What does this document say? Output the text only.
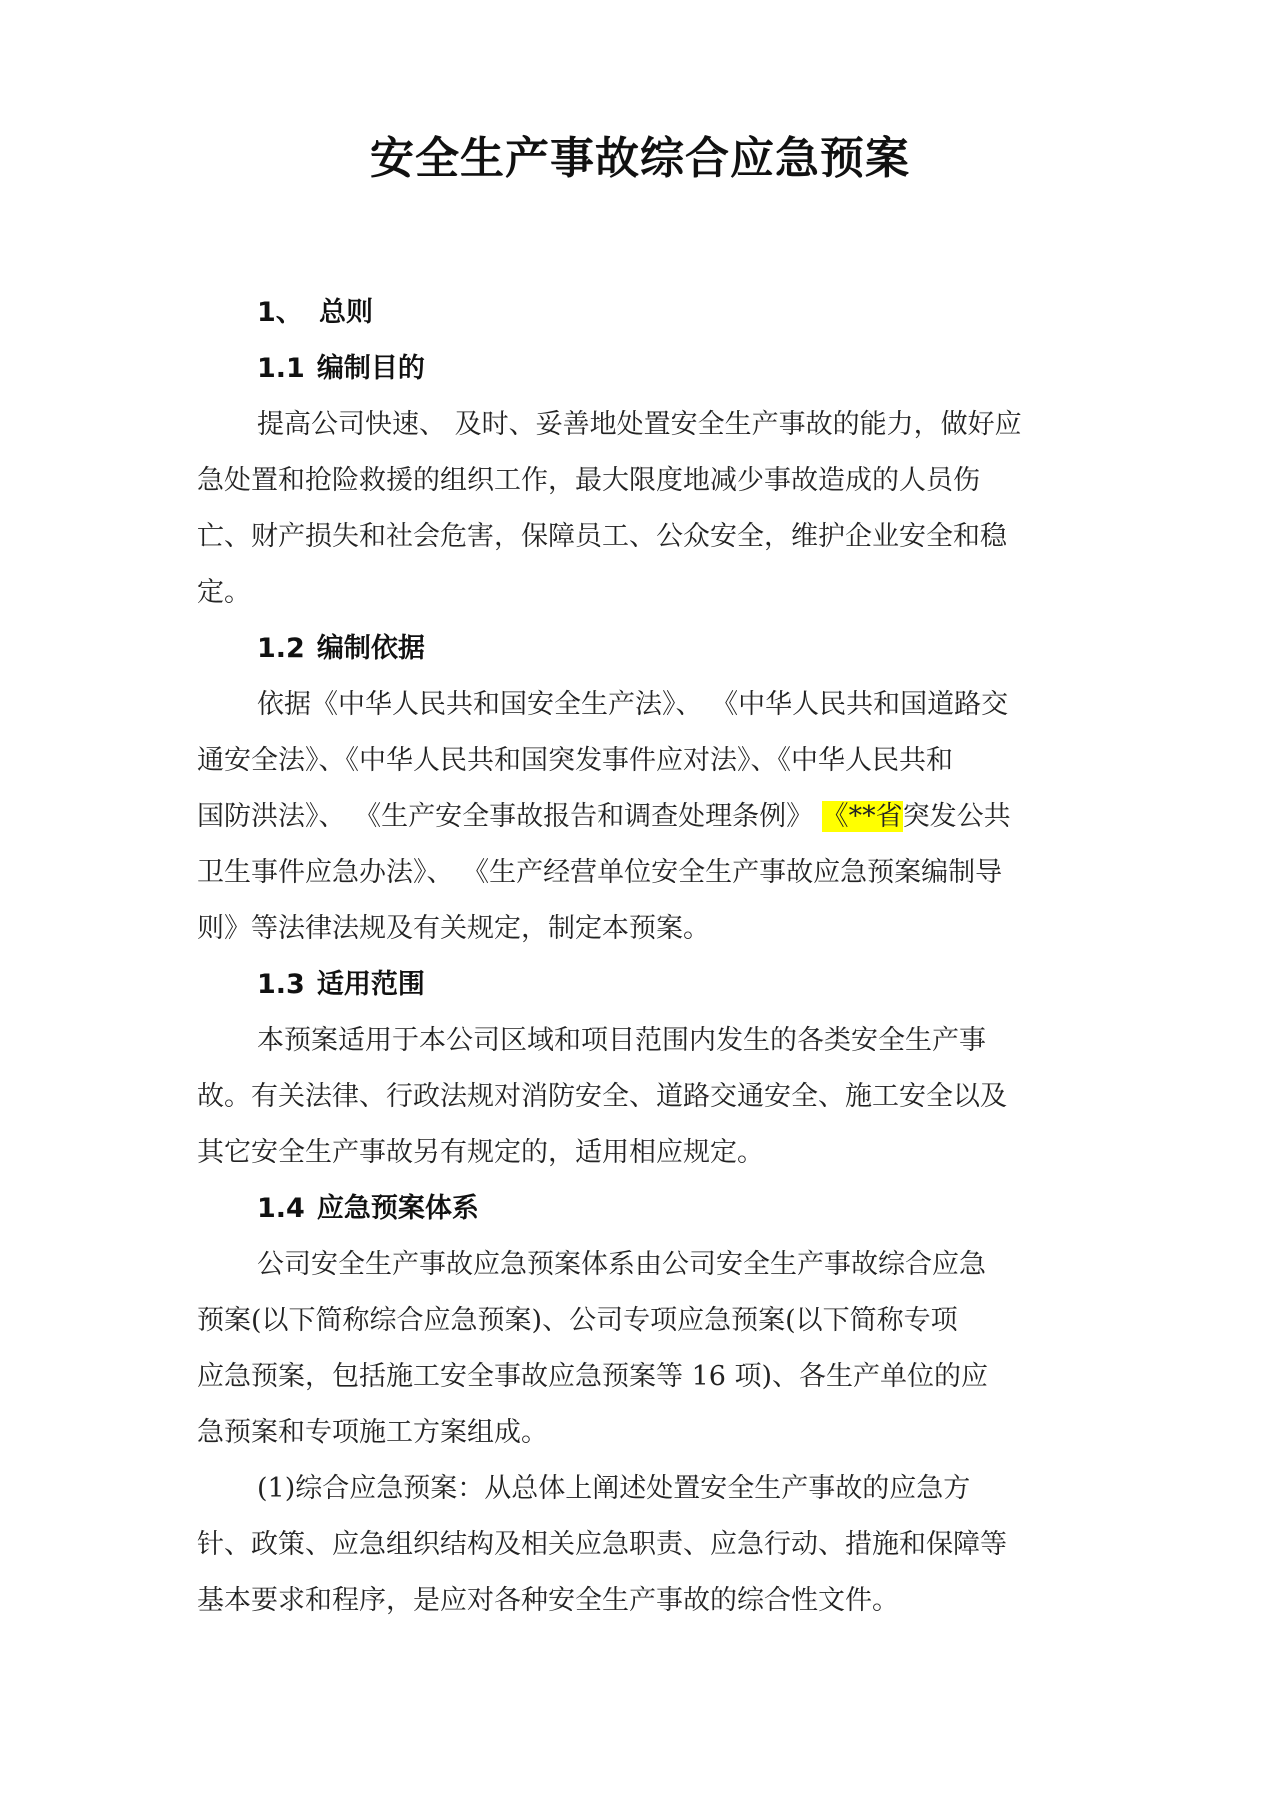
安全生产事故综合应急预案
1、 总则
1.1 编制目的
提高公司快速、 及时、妥善地处置安全生产事故的能力，做好应
急处置和抢险救援的组织工作，最大限度地减少事故造成的人员伤
亡、财产损失和社会危害，保障员工、公众安全，维护企业安全和稳
定。
1.2 编制依据
依据《中华人民共和国安全生产法》、 《中华人民共和国道路交
通安全法》、《中华人民共和国突发事件应对法》、《中华人民共和
国防洪法》、 《生产安全事故报告和调查处理条例》 《**省突发公共
卫生事件应急办法》、 《生产经营单位安全生产事故应急预案编制导
则》等法律法规及有关规定，制定本预案。
1.3 适用范围
本预案适用于本公司区域和项目范围内发生的各类安全生产事
故。有关法律、行政法规对消防安全、道路交通安全、施工安全以及
其它安全生产事故另有规定的，适用相应规定。
1.4 应急预案体系
公司安全生产事故应急预案体系由公司安全生产事故综合应急
预案(以下简称综合应急预案)、公司专项应急预案(以下简称专项
应急预案，包括施工安全事故应急预案等 16 项)、各生产单位的应
急预案和专项施工方案组成。
(1)综合应急预案：从总体上阐述处置安全生产事故的应急方
针、政策、应急组织结构及相关应急职责、应急行动、措施和保障等
基本要求和程序，是应对各种安全生产事故的综合性文件。
